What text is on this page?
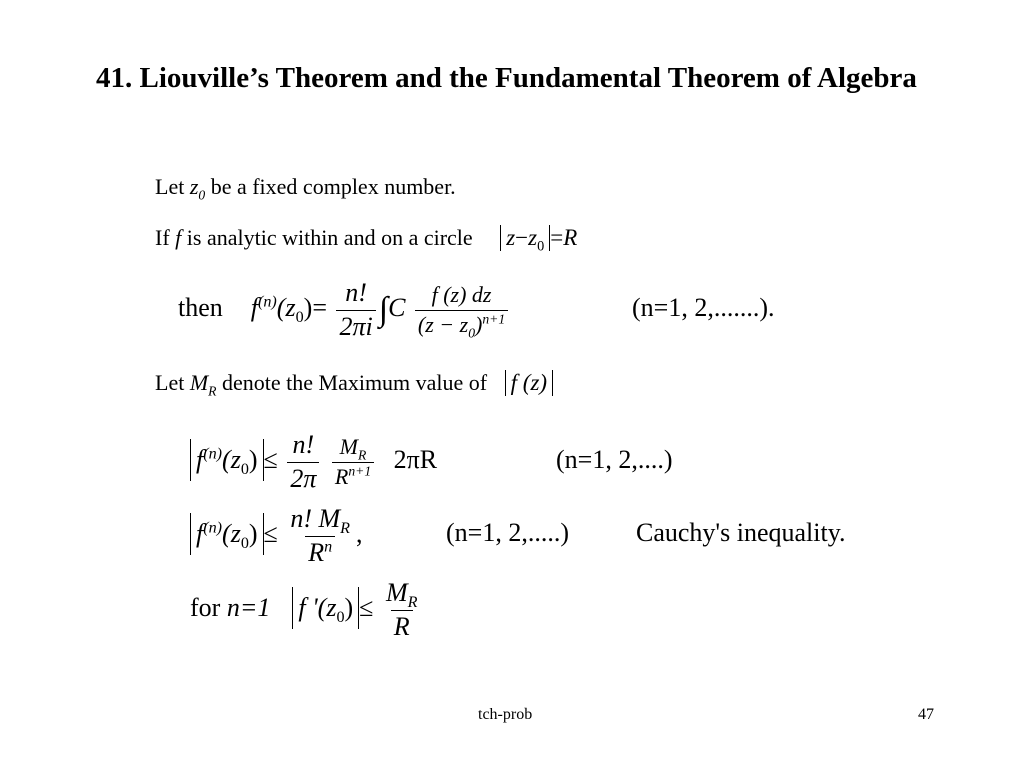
41. Liouville’s Theorem and the Fundamental Theorem of Algebra
Let $z_0$ be a fixed complex number.
If f is analytic within and on a circle $z-z_0 =R$
then $f^{(n)}(z_0)= \frac{n!}{2\pi i} \int C \frac{f (z) dz}{(z - z_0)^{n+1}}$	(n=1, 2,.......).
Let $M_R$ denote the Maximum value of f (z)
$f^{(n)}(z_0) \le \frac{n!}{2\pi}$
$\frac{M_R}{R^{n+1}} 2\pi R$	(n=1, 2,....)
$f^{(n)}(z_0) \le \frac{n! M_R}{R^n}$ ,	(n=1, 2,.....)	Cauchy's inequality.
for n=1 f '$(z_0) \le \frac{M_R}{R}$
tch-prob	47
